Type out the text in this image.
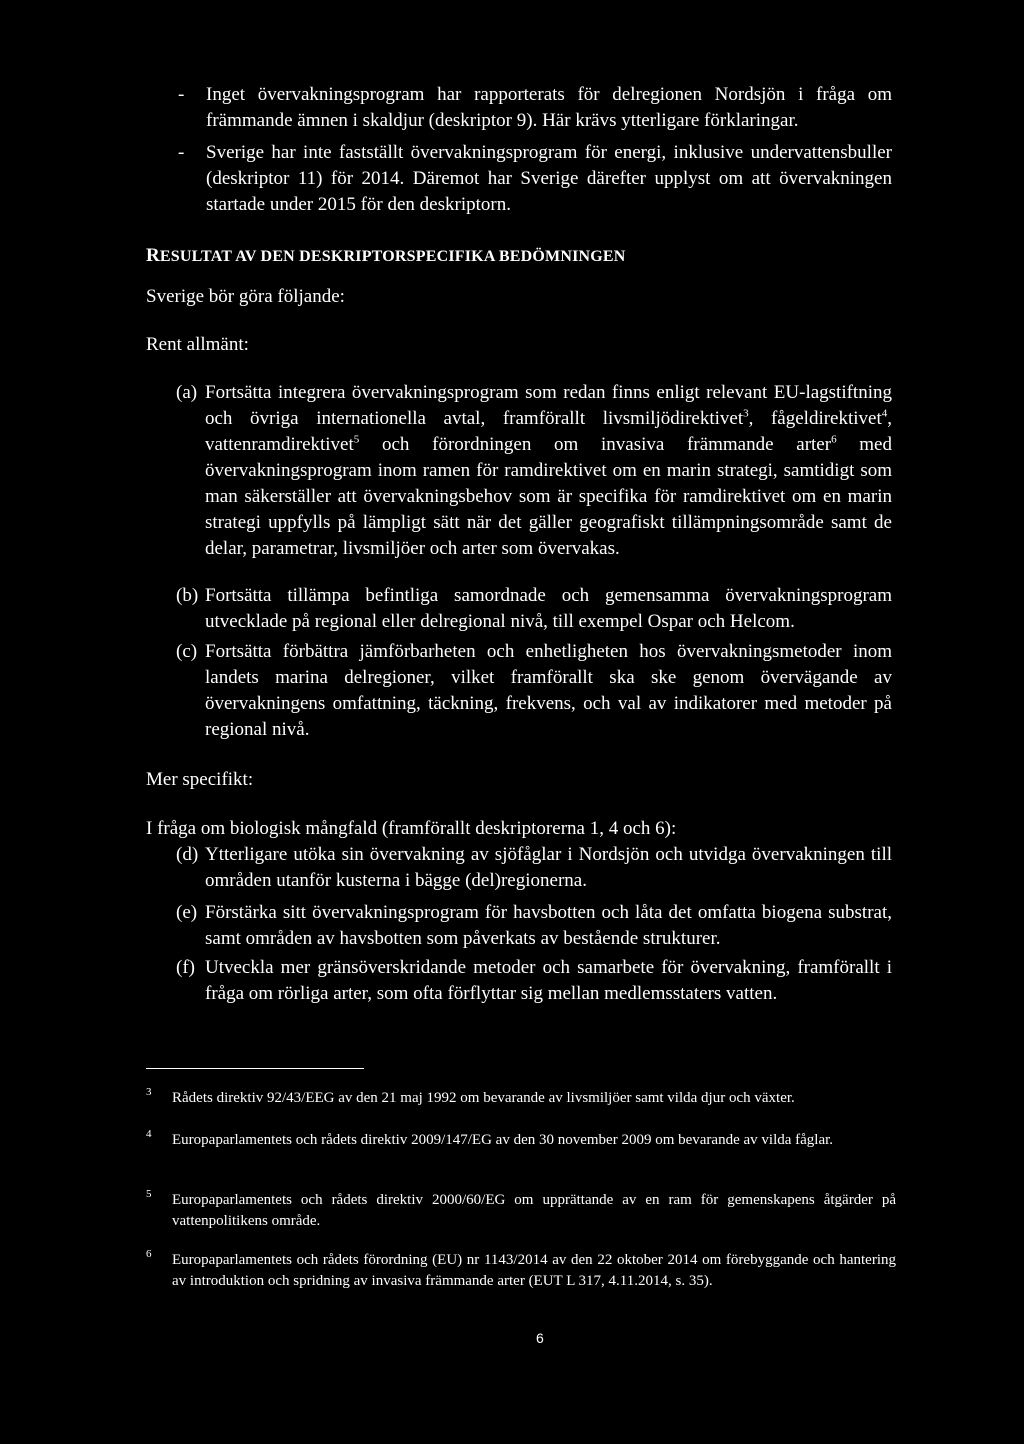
- Inget övervakningsprogram har rapporterats för delregionen Nordsjön i fråga om främmande ämnen i skaldjur (deskriptor 9). Här krävs ytterligare förklaringar.
- Sverige har inte fastställt övervakningsprogram för energi, inklusive undervattensbuller (deskriptor 11) för 2014. Däremot har Sverige därefter upplyst om att övervakningen startade under 2015 för den deskriptorn.
RESULTAT AV DEN DESKRIPTORSPECIFIKA BEDÖMNINGEN
Sverige bör göra följande:
Rent allmänt:
(a) Fortsätta integrera övervakningsprogram som redan finns enligt relevant EU-lagstiftning och övriga internationella avtal, framförallt livsmiljödirektivet$^3$, fågeldirektivet$^4$, vattenramdirektivet$^5$ och förordningen om invasiva främmande arter$^6$ med övervakningsprogram inom ramen för ramdirektivet om en marin strategi, samtidigt som man säkerställer att övervakningsbehov som är specifika för ramdirektivet om en marin strategi uppfylls på lämpligt sätt när det gäller geografiskt tillämpningsområde samt de delar, parametrar, livsmiljöer och arter som övervakas.
(b) Fortsätta tillämpa befintliga samordnade och gemensamma övervakningsprogram utvecklade på regional eller delregional nivå, till exempel Ospar och Helcom.
(c) Fortsätta förbättra jämförbarheten och enhetligheten hos övervakningsmetoder inom landets marina delregioner, vilket framförallt ska ske genom övervägande av övervakningens omfattning, täckning, frekvens, och val av indikatorer med metoder på regional nivå.
Mer specifikt:
I fråga om biologisk mångfald (framförallt deskriptorerna 1, 4 och 6):
(d) Ytterligare utöka sin övervakning av sjöfåglar i Nordsjön och utvidga övervakningen till områden utanför kusterna i bägge (del)regionerna.
(e) Förstärka sitt övervakningsprogram för havsbotten och låta det omfatta biogena substrat, samt områden av havsbotten som påverkats av bestående strukturer.
(f) Utveckla mer gränsöverskridande metoder och samarbete för övervakning, framförallt i fråga om rörliga arter, som ofta förflyttar sig mellan medlemsstaters vatten.
3 Rådets direktiv 92/43/EEG av den 21 maj 1992 om bevarande av livsmiljöer samt vilda djur och växter.
4 Europaparlamentets och rådets direktiv 2009/147/EG av den 30 november 2009 om bevarande av vilda fåglar.
5 Europaparlamentets och rådets direktiv 2000/60/EG om upprättande av en ram för gemenskapens åtgärder på vattenpolitikens område.
6 Europaparlamentets och rådets förordning (EU) nr 1143/2014 av den 22 oktober 2014 om förebyggande och hantering av introduktion och spridning av invasiva främmande arter (EUT L 317, 4.11.2014, s. 35).
6
